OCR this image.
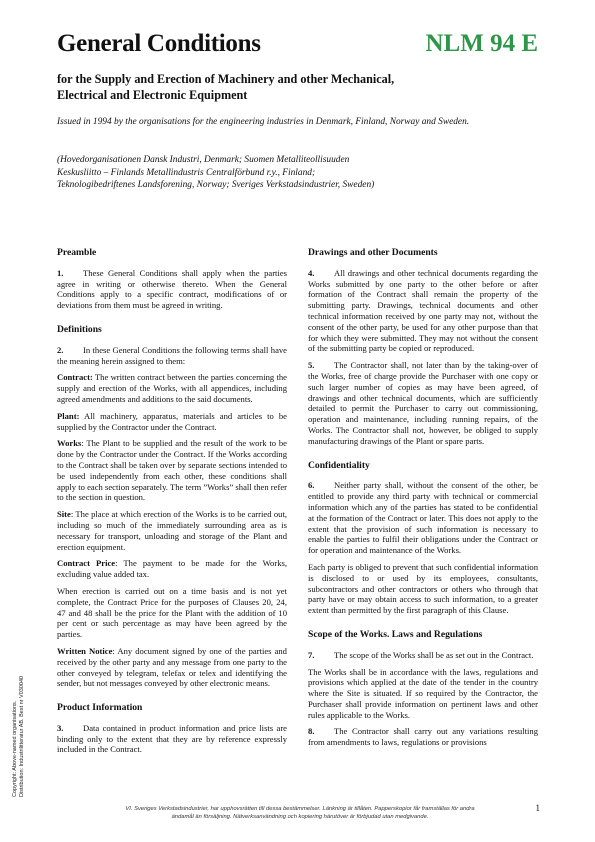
General Conditions	NLM 94 E
for the Supply and Erection of Machinery and other Mechanical,
Electrical and Electronic Equipment
Issued in 1994 by the organisations for the engineering industries in Denmark, Finland, Norway and Sweden.
(Hovedorganisationen Dansk Industri, Denmark; Suomen Metalliteollisuuden
Keskusliitto – Finlands Metallindustris Centralförbund r.y., Finland;
Teknologibedriftenes Landsforening, Norway; Sveriges Verkstadsindustrier, Sweden)
Preamble

1. These General Conditions shall apply when the parties agree in writing or otherwise thereto. When the General Conditions apply to a specific contract, modifications of or deviations from them must be agreed in writing.

Definitions

2. In these General Conditions the following terms shall have the meaning herein assigned to them:

Contract: The written contract between the parties concerning the supply and erection of the Works, with all appendices, including agreed amendments and additions to the said documents.

Plant: All machinery, apparatus, materials and articles to be supplied by the Contractor under the Contract.

Works: The Plant to be supplied and the result of the work to be done by the Contractor under the Contract. If the Works according to the Contract shall be taken over by separate sections intended to be used independently from each other, these conditions shall apply to each section separately. The term ”Works” shall then refer to the section in question.

Site: The place at which erection of the Works is to be carried out, including so much of the immediately surrounding area as is necessary for transport, unloading and storage of the Plant and erection equipment.

Contract Price: The payment to be made for the Works, excluding value added tax.

When erection is carried out on a time basis and is not yet complete, the Contract Price for the purposes of Clauses 20, 24, 47 and 48 shall be the price for the Plant with the addition of 10 per cent or such percentage as may have been agreed by the parties.

Written Notice: Any document signed by one of the parties and received by the other party and any message from one party to the other conveyed by telegram, telefax or telex and identifying the sender, but not messages conveyed by other electronic means.

Product Information

3. Data contained in product information and price lists are binding only to the extent that they are by reference expressly included in the Contract.

Drawings and other Documents

4. All drawings and other technical documents regarding the Works submitted by one party to the other before or after formation of the Contract shall remain the property of the submitting party. Drawings, technical documents and other technical information received by one party may not, without the consent of the other party, be used for any other purpose than that for which they were submitted. They may not without the consent of the submitting party be copied or reproduced.

5. The Contractor shall, not later than by the taking-over of the Works, free of charge provide the Purchaser with one copy or such larger number of copies as may have been agreed, of drawings and other technical documents, which are sufficiently detailed to permit the Purchaser to carry out commissioning, operation and maintenance, including running repairs, of the Works. The Contractor shall not, however, be obliged to supply manufacturing drawings of the Plant or spare parts.

Confidentiality

6. Neither party shall, without the consent of the other, be entitled to provide any third party with technical or commercial information which any of the parties has stated to be confidential at the formation of the Contract or later. This does not apply to the extent that the provision of such information is necessary to enable the parties to fulfil their obligations under the Contract or for operation and maintenance of the Works.

Each party is obliged to prevent that such confidential information is disclosed to or used by its employees, consultants, subcontractors and other contractors or others who through that party have or may obtain access to such information, to a greater extent than permitted by the first paragraph of this Clause.

Scope of the Works. Laws and Regulations

7. The scope of the Works shall be as set out in the Contract.

The Works shall be in accordance with the laws, regulations and provisions which applied at the date of the tender in the country where the Site is situated. If so required by the Contractor, the Purchaser shall provide information on pertinent laws and other rules applicable to the Works.

8. The Contractor shall carry out any variations resulting from amendments to laws, regulations or provisions

Copyright: Above-named organisations. Distribution: Industrilitteratur AB. Best nr V030040
VI. Sveriges Verkstadsindustrier, har upphovsrätten till dessa bestämmelser. Länkning är tillåten. Papperskopior får framställas för andra
ändamål än försäljning. Nätverksanvändning och kopiering härutöver är förbjudad utan medgivande.
1
